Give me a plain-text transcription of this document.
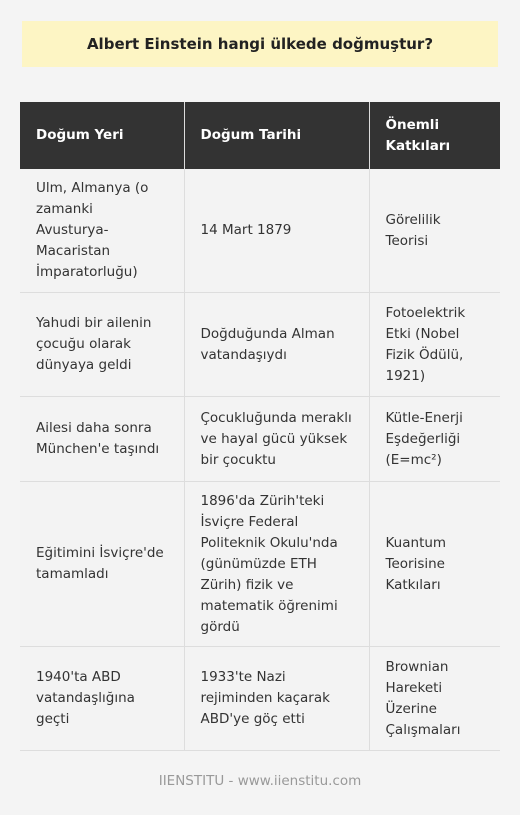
Albert Einstein hangi ülkede doğmuştur?
Doğum Yeri	Doğum Tarihi	Önemli Katkıları
Ulm, Almanya (o zamanki Avusturya-Macaristan İmparatorluğu)	14 Mart 1879	Görelilik Teorisi
Yahudi bir ailenin çocuğu olarak dünyaya geldi	Doğduğunda Alman vatandaşıydı	Fotoelektrik Etki (Nobel Fizik Ödülü, 1921)
Ailesi daha sonra München'e taşındı	Çocukluğunda meraklı ve hayal gücü yüksek bir çocuktu	Kütle-Enerji Eşdeğerliği (E=mc²)
Eğitimini İsviçre'de tamamladı	1896'da Zürih'teki İsviçre Federal Politeknik Okulu'nda (günümüzde ETH Zürih) fizik ve matematik öğrenimi gördü	Kuantum Teorisine Katkıları
1940'ta ABD vatandaşlığına geçti	1933'te Nazi rejiminden kaçarak ABD'ye göç etti	Brownian Hareketi Üzerine Çalışmaları
IIENSTITU - www.iienstitu.com
